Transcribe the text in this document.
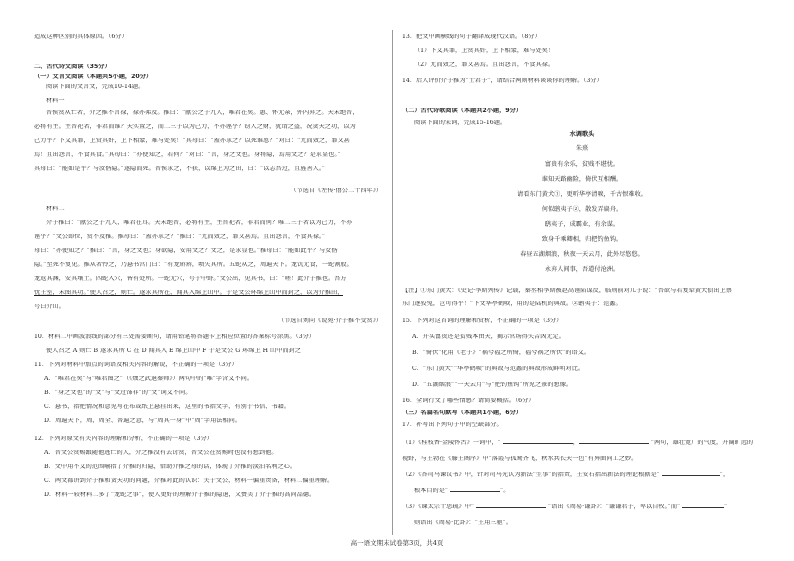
造成这种区别的具体原因。（6分）
二、古代诗文阅读（35分）
（一）文言文阅读（本题共5小题，20分）
阅读下面的文言文，完成10-14题。
材料一
晋侯赏从亡者，介之推不言禄，禄亦弗及。推曰：“献公之子九人，唯君在矣。惠、怀无亲，外内弃之。天未绝晋，
必将有主。主晋祀者，非君而谁？天实置之，而二三子以为己力，不亦诬乎？窃人之财，犹谓之盗，况贪天之功，以为
己力乎？下义其罪，上赏其奸，上下相蒙，难与处矣！”其母曰：“盍亦求之？以死谁怼？”对曰：“尤而效之，罪又甚
焉！且出怨言，不食其食。”其母曰：“亦使知之，若何？”对曰：“言，身之文也。身将隐，焉用文之？是求显也。”
其母曰：“能如是乎？与汝偕隐。”遂隐而死。晋侯求之，不获，以绵上为之田，曰：“以志吾过，且旌善人。”
（节选自《左传·僖公二十四年》）
材料二
介子推曰：“献公之子九人，唯君在耳。天未绝晋，必将有主，主晋祀者，非君而何？唯二三子者以为己力，不亦
诬乎？”文公即位，赏不及推。推母曰：“盍亦求之？”推曰：“尤而效之，罪又甚焉。且出怨言，不食其禄。”
母曰：“亦使知之？”推曰：“言，身之文也；身欲隐，安用文之？文之，是求显也。”推母曰：“能如此乎？与女偕
隐。”至死不复见。推从者怜之，乃悬书宫门曰：“有龙矫矫，顷失其所。五蛇从之，周遍天下。龙饥无食，一蛇割股。
龙返其渊，安其壤土。四蛇入穴，皆有处所。一蛇无穴，号于中野。”文公出，见其书，曰：“嗟！此介子推也。吾方
忧王室，未图其功。”使人召之，则亡。遂求其所在，闻其入绵上山中。于是文公环绵上山中而封之，以为介推田，
号曰介山。
（节选自刘向《说苑·介子推不受赏》）
10．材料二中画波浪线的部分有三处需要断句，请用铅笔将答题卡上相应位置的答案标号涂黑。（3分）
使人召之 A 则亡 B 遂求其所 C 在 D 闻其入 E 绵上山中 F 于是文公 G 环绵上 H 山中而封之
11．下列对材料中加点的词语及相关内容的解说，不正确的一项是（3分）
A．“唯君在矣”与“唯君图之”（《烛之武退秦师》）两句中的“唯”字含义不同。
B．“身之文也”的“文”与“文过饰非”的“文”词义不同。
C．悬书，指把情况和意见写在布或纸上悬挂出来，这里的书指文字，有别于书信、书籍。
D．周遍天下，周，周全、普遍之意，与“周其一身”中“周”字用法相同。
12．下列对原文有关内容的理解和分析，不正确的一项是（3分）
A．晋文公赏赐跟随他逃亡的人，介之推没有去讨赏，晋文公在赏赐时也没有想到他。
B．文中用不义的范围喻指了介推的归隐，借助介推之母的话，体现了介推的淡泊名利之心。
C．两文都讲到介子推和贪天功的问题，介推对此的认识：关于文公，材料一偏重责备，材料二偏重理解。
D．材料一较材料二多了“龙蛇之事”，使人更好的理解介子推的隐退，又赞美了介子推的高尚品德。
13．把文中画横线的句子翻译成现代汉语。（8分）
（1）下义其罪，上赏其奸，上下相蒙，难与处矣！
（2）尤而效之，罪又甚焉。且出怨言，不食其禄。
14．后人评价介子推为“士君子”，请结合两则材料谈谈你的理解。（3分）
（二）古代诗歌阅读（本题共2小题，9分）
阅读下面的宋词，完成15-16题。
水调歌头
朱熹
富贵有余乐，贫贱不堪忧。
谁知天路幽险，倚伏互相酬。
请看东门黄犬①，更听华亭清唳，千古恨难收。
何似鸱夷子②，散发弄扁舟。
鸱夷子，成霸业，有余谋。
致身千乘卿相，归把钓鱼钩。
春昼五湖烟浪，秋夜一天云月，此外尽悠悠。
永弃人间事，吾道付沧洲。
【注】①东门黄犬：《史记·李斯列传》记载，秦丞相李斯被赵高诬陷谋反，临刑前对儿子说：“吾欲与若复牵黄犬俱出上蔡
东门逐狡兔，岂可得乎！”下文华亭鹤唳，用的是陆机的典故。②鸱夷子：范蠡。
15．下列对这首词的理解和赏析，不正确的一项是（3分）
A．开头富贵还是贫贱本由天，揭示官场得失吉凶无定。
B．“倚伏”化用《老子》“祸兮福之所倚，福兮祸之所伏”的语义。
C．“东门黄犬”“华亭鹤唳”的典故与范蠡的典故形成鲜明对比。
D．“五湖烟浪”“一天云月”与“把钓鱼钩”所见之景的想像。
16．全词行文了哪些情感？请简要概括。（6分）
（三）名篇名句默写（本题共1小题，6分）
17．补写出下列句子中的空缺部分。
（1）《桂枝香·金陵怀古》一词中，“	，	”两句，雄壮宽广的气度，开阔旷远的
视野，与王勃在《滕王阁序》中“落霞与孤鹜齐飞，秋水共长天一色”有异曲同工之妙。
（2）《答司马谏议书》中，针对司马光认为新法“生事”的指责，王安石指出新法的理论根据是“	”，
根本目的是“	”。
（3）《谏太宗十思疏》中“	”语出《周易·谦卦》：“谦谦君子，卑以自牧。”而“	”
则语出《周易·比卦》：“王用三驱”。
高一语文期末试卷第3页，共4页
